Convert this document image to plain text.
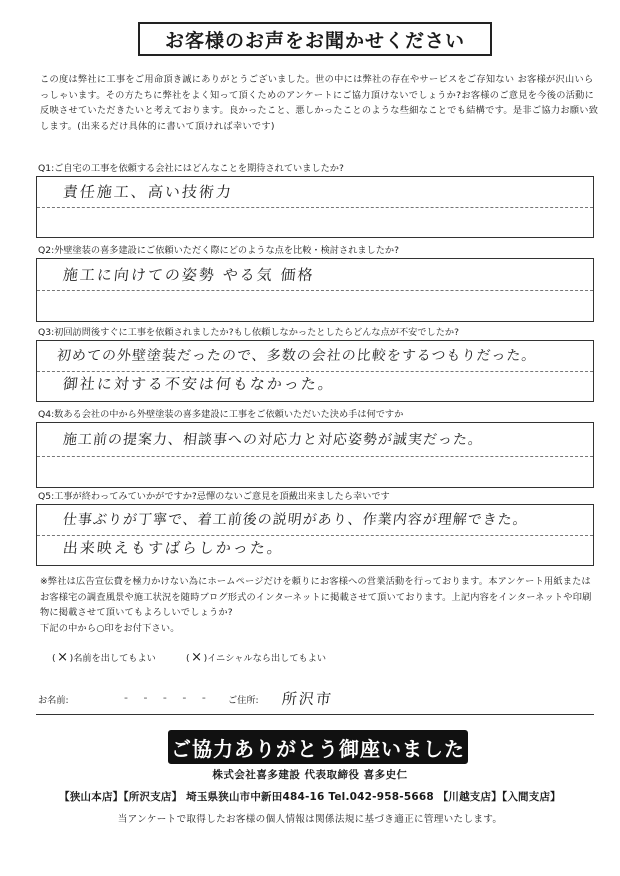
お客様のお声をお聞かせください
この度は弊社に工事をご用命頂き誠にありがとうございました。世の中には弊社の存在やサービスをご存知ない お客様が沢山いらっしゃいます。その方たちに弊社をよく知って頂くためのアンケートにご協力頂けないでしょうか?お客様のご意見を今後の活動に反映させていただきたいと考えております。良かったこと、悪しかったことのような些細なことでも結構です。是非ご協力お願い致します。(出来るだけ具体的に書いて頂ければ幸いです)
Q1:ご自宅の工事を依頼する会社にはどんなことを期待されていましたか?
責任施工、高い技術力
Q2:外壁塗装の喜多建設にご依頼いただく際にどのような点を比較・検討されましたか?
施工に向けての姿勢 やる気 価格
Q3:初回訪問後すぐに工事を依頼されましたか?もし依頼しなかったとしたらどんな点が不安でしたか?
初めての外壁塗装だったので、多数の会社の比較をするつもりだった。
御社に対する不安は何もなかった。
Q4:数ある会社の中から外壁塗装の喜多建設に工事をご依頼いただいた決め手は何ですか
施工前の提案力、相談事への対応力と対応姿勢が誠実だった。
Q5:工事が終わってみていかがですか?忌憚のないご意見を頂戴出来ましたら幸いです
仕事ぶりが丁寧で、着工前後の説明があり、作業内容が理解できた。
出来映えもすばらしかった。
※弊社は広告宣伝費を極力かけない為にホームページだけを頼りにお客様への営業活動を行っております。本アンケート用紙またはお客様宅の調査風景や施工状況を随時ブログ形式のインターネットに掲載させて頂いております。上記内容をインターネットや印刷物に掲載させて頂いてもよろしいでしょうか?
下記の中から○印をお付下さい。
( × )名前を出してもよい	( × )イニシャルなら出してもよい
お名前:	- - - - - ご住所: 所沢市
ご協力ありがとう御座いました
株式会社喜多建設 代表取締役 喜多史仁
【狭山本店】【所沢支店】 埼玉県狭山市中新田484-16 Tel.042-958-5668 【川越支店】【入間支店】
当アンケートで取得したお客様の個人情報は関係法規に基づき適正に管理いたします。
